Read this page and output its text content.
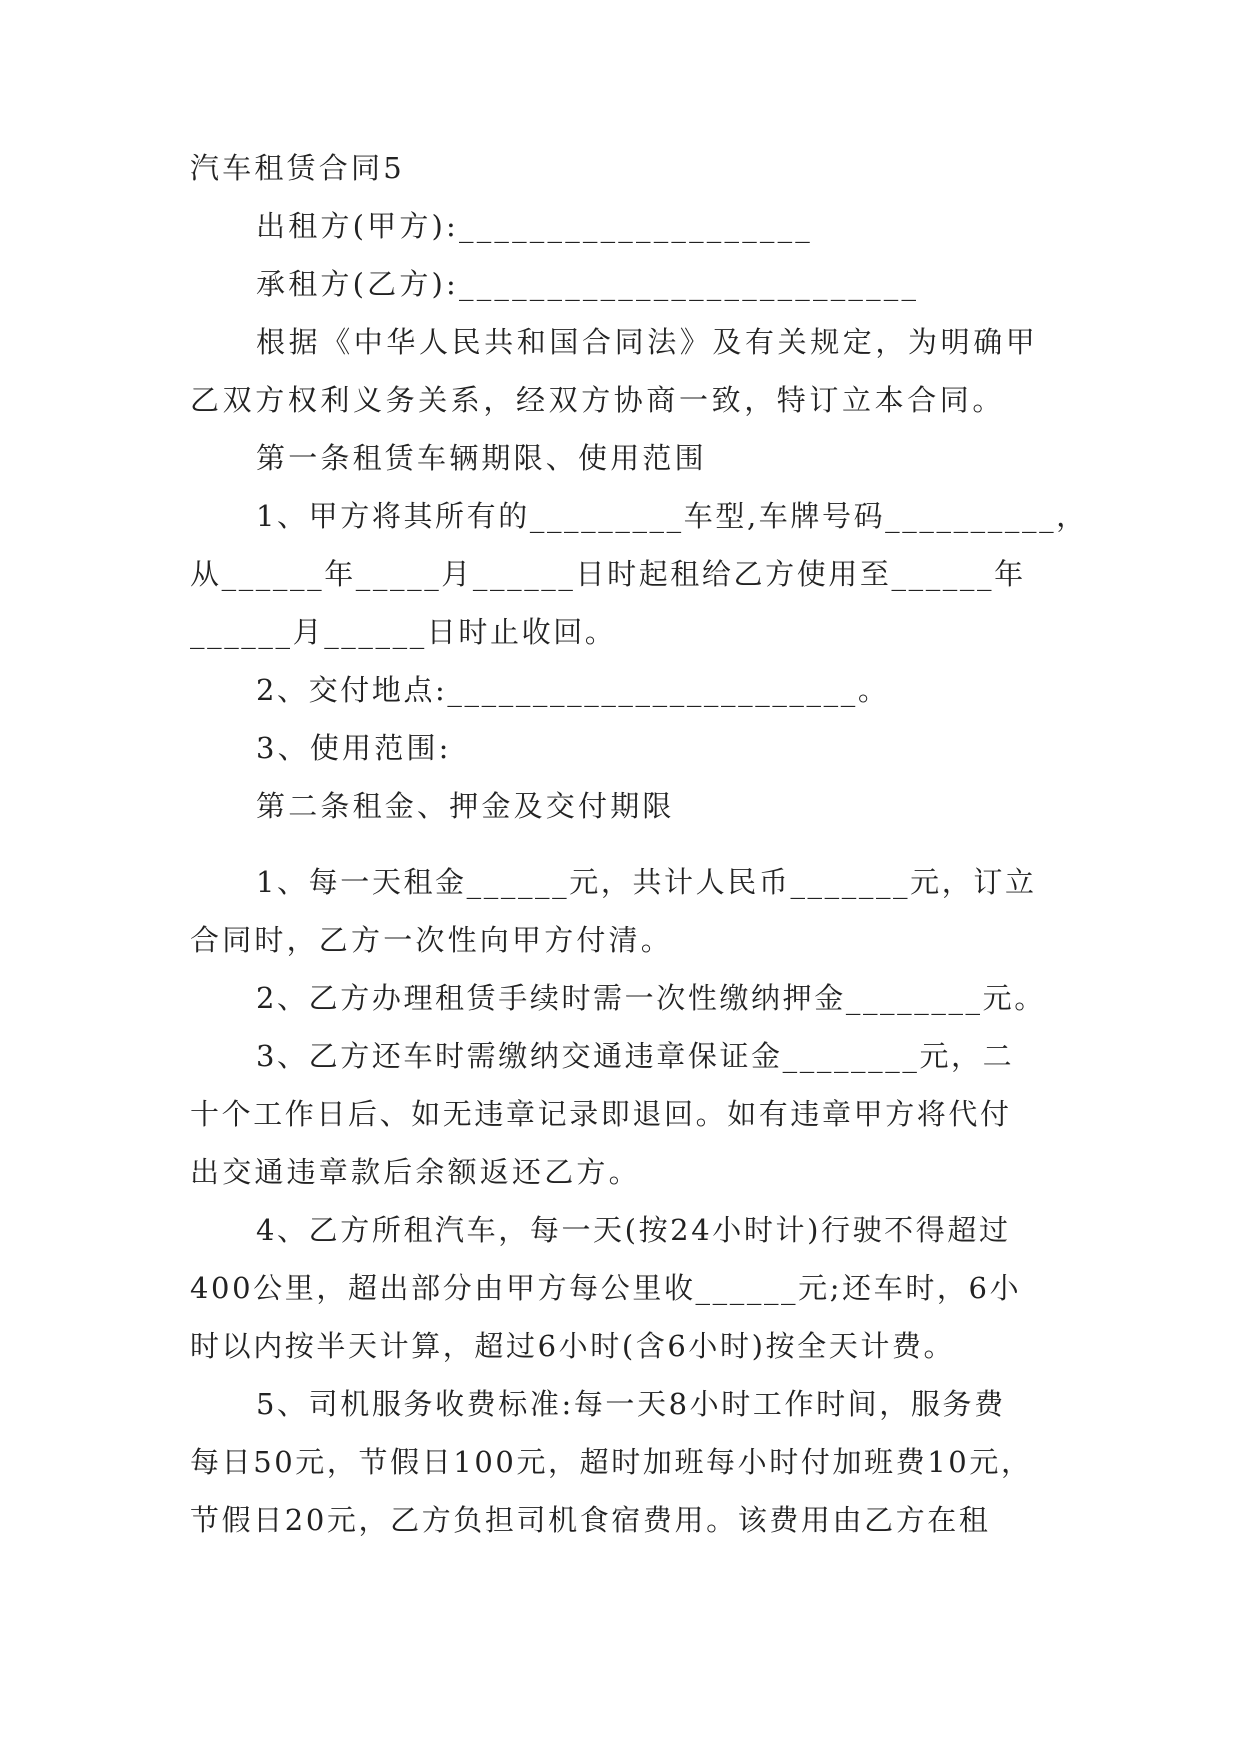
汽车租赁合同5
出租方(甲方):____________________
承租方(乙方):__________________________
根据《中华人民共和国合同法》及有关规定，为明确甲
乙双方权利义务关系，经双方协商一致，特订立本合同。
第一条租赁车辆期限、使用范围
1、甲方将其所有的_________车型,车牌号码__________，
从______年_____月______日时起租给乙方使用至______年
______月______日时止收回。
2、交付地点:________________________。
3、使用范围:
第二条租金、押金及交付期限
1、每一天租金______元，共计人民币_______元，订立
合同时，乙方一次性向甲方付清。
2、乙方办理租赁手续时需一次性缴纳押金________元。
3、乙方还车时需缴纳交通违章保证金________元，二
十个工作日后、如无违章记录即退回。如有违章甲方将代付
出交通违章款后余额返还乙方。
4、乙方所租汽车，每一天(按24小时计)行驶不得超过
400公里，超出部分由甲方每公里收______元;还车时，6小
时以内按半天计算，超过6小时(含6小时)按全天计费。
5、司机服务收费标准:每一天8小时工作时间，服务费
每日50元，节假日100元，超时加班每小时付加班费10元，
节假日20元，乙方负担司机食宿费用。该费用由乙方在租
